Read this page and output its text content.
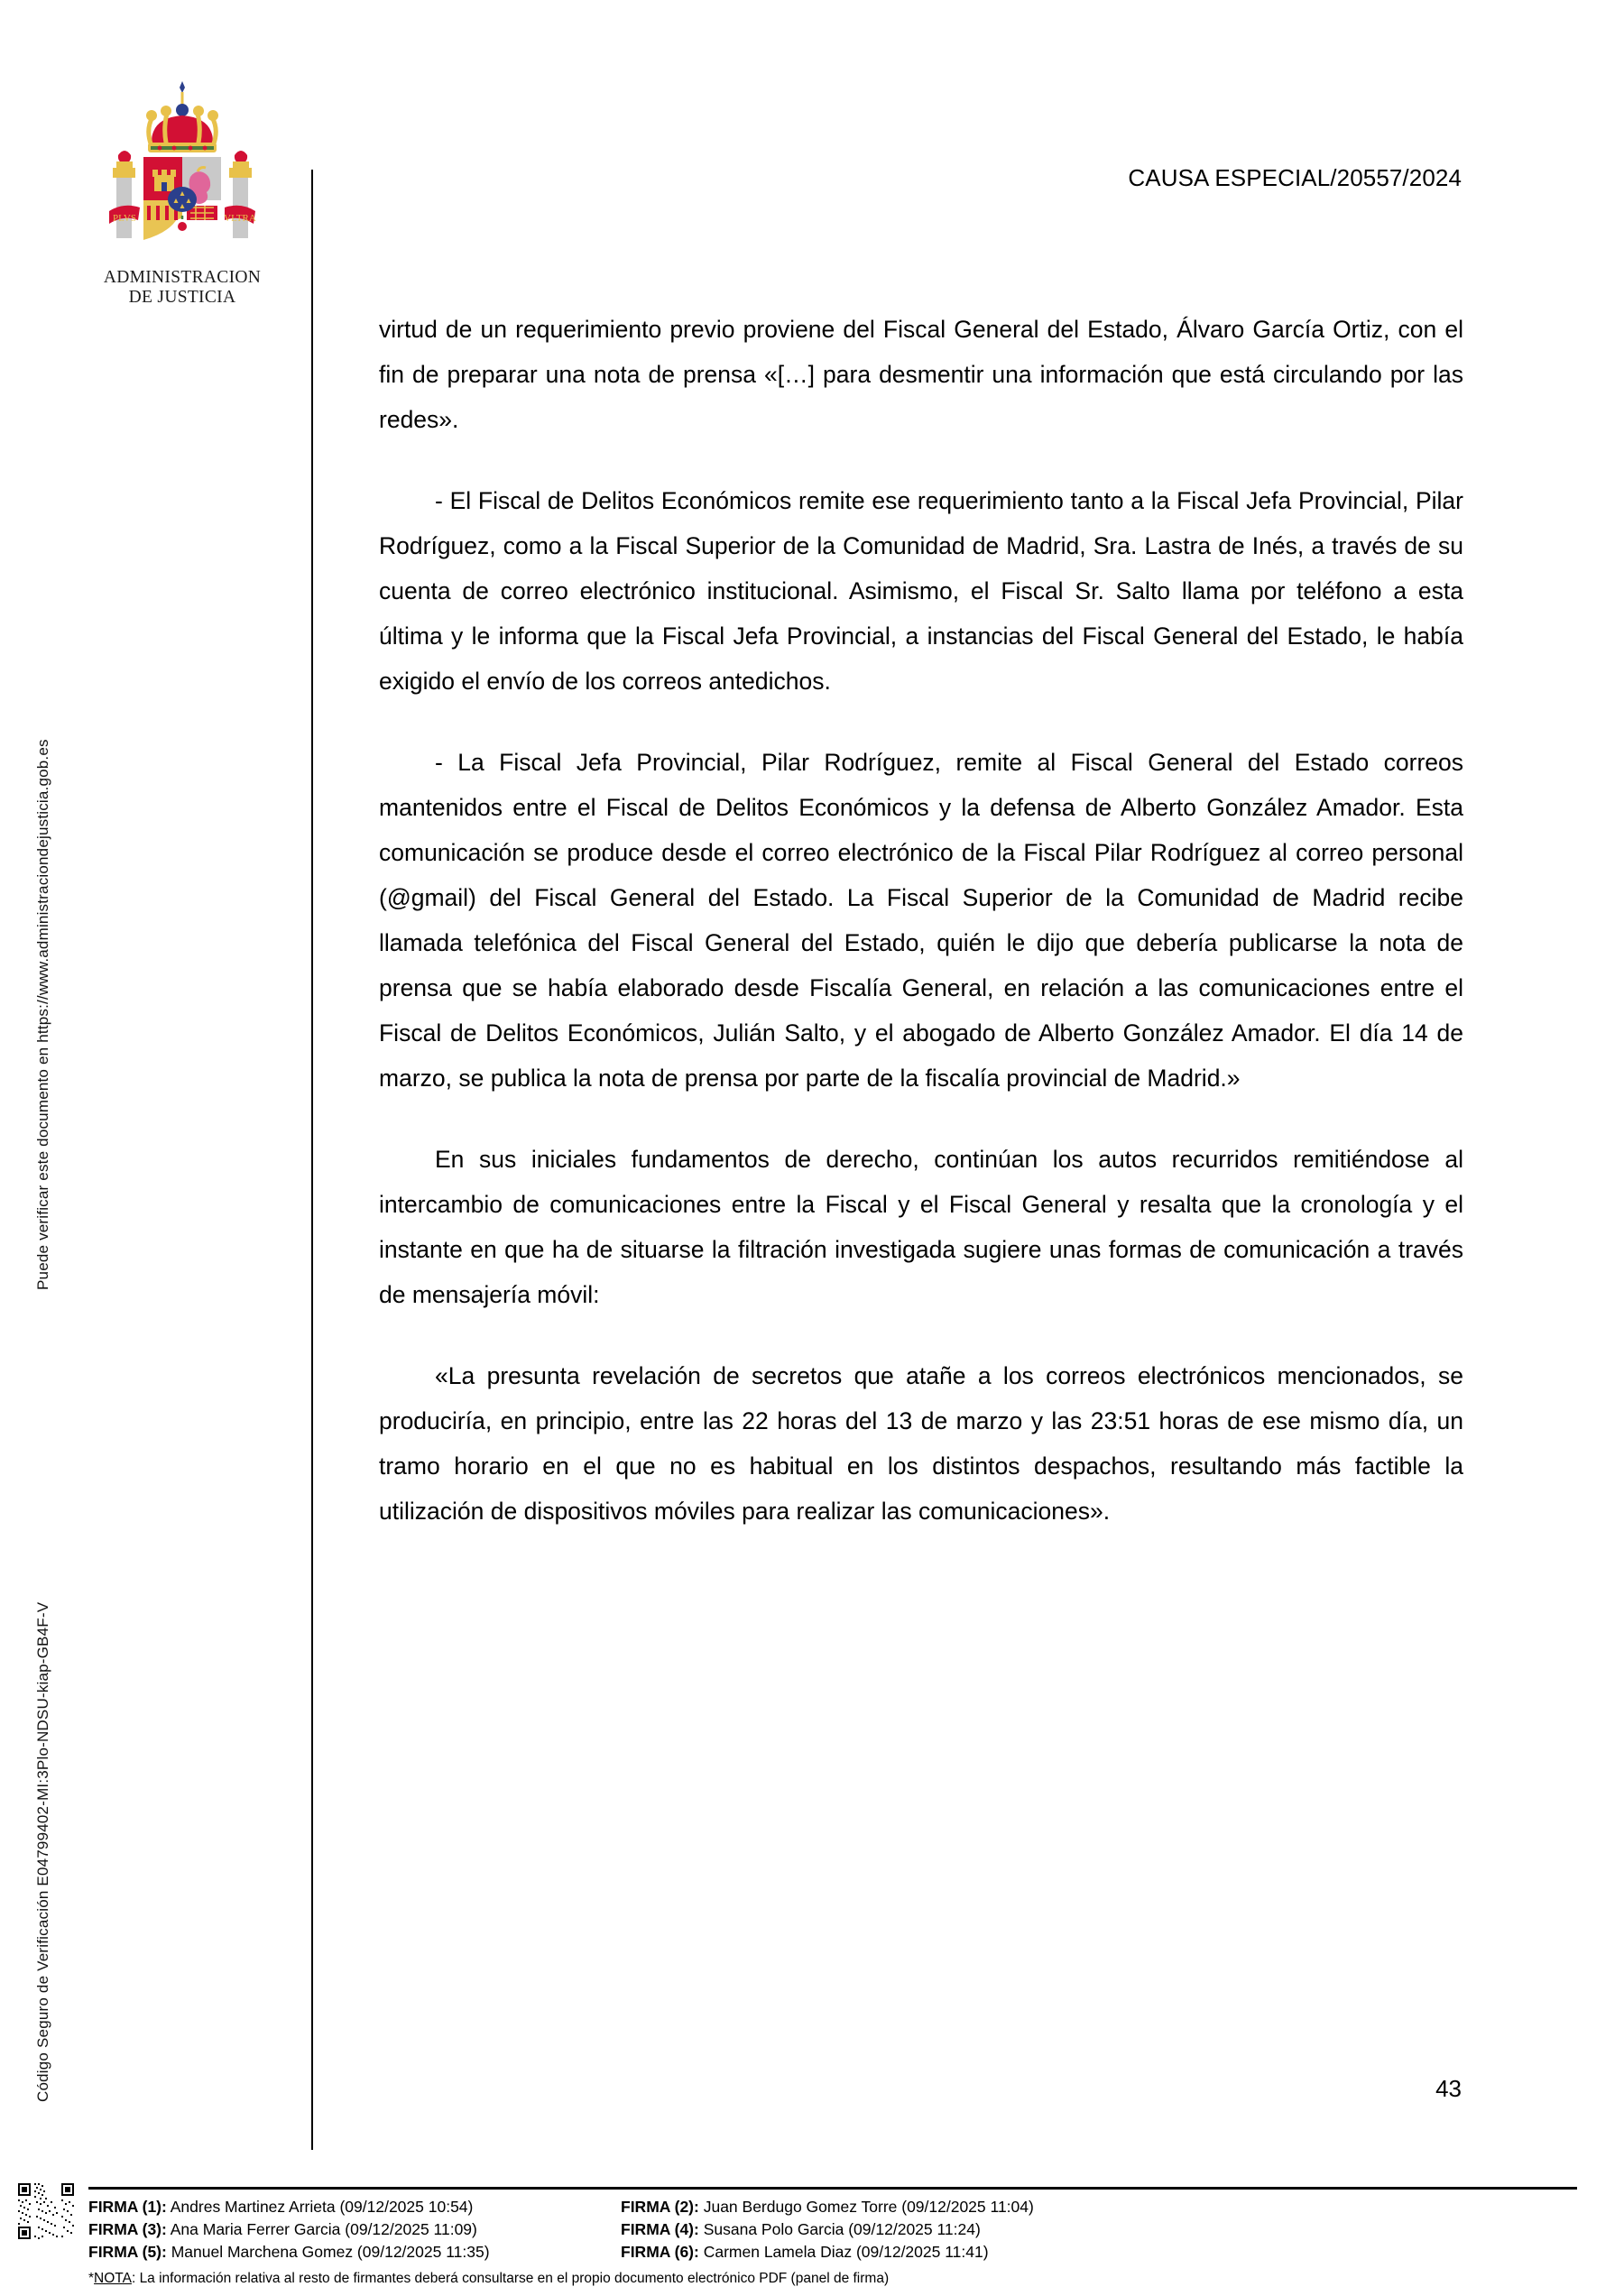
Código Seguro de Verificación E04799402-MI:3Plo-NDSU-kiap-GB4F-V
Puede verificar este documento en https://www.administraciondejusticia.gob.es
PLVS	VLTRA
ADMINISTRACION
DE JUSTICIA
CAUSA ESPECIAL/20557/2024

virtud de un requerimiento previo proviene del Fiscal General del Estado, Álvaro García Ortiz, con el fin de preparar una nota de prensa «[…] para desmentir una información que está circulando por las redes».

- El Fiscal de Delitos Económicos remite ese requerimiento tanto a la Fiscal Jefa Provincial, Pilar Rodríguez, como a la Fiscal Superior de la Comunidad de Madrid, Sra. Lastra de Inés, a través de su cuenta de correo electrónico institucional. Asimismo, el Fiscal Sr. Salto llama por teléfono a esta última y le informa que la Fiscal Jefa Provincial, a instancias del Fiscal General del Estado, le había exigido el envío de los correos antedichos.

- La Fiscal Jefa Provincial, Pilar Rodríguez, remite al Fiscal General del Estado correos mantenidos entre el Fiscal de Delitos Económicos y la defensa de Alberto González Amador. Esta comunicación se produce desde el correo electrónico de la Fiscal Pilar Rodríguez al correo personal (@gmail) del Fiscal General del Estado. La Fiscal Superior de la Comunidad de Madrid recibe llamada telefónica del Fiscal General del Estado, quién le dijo que debería publicarse la nota de prensa que se había elaborado desde Fiscalía General, en relación a las comunicaciones entre el Fiscal de Delitos Económicos, Julián Salto, y el abogado de Alberto González Amador. El día 14 de marzo, se publica la nota de prensa por parte de la fiscalía provincial de Madrid.»

En sus iniciales fundamentos de derecho, continúan los autos recurridos remitiéndose al intercambio de comunicaciones entre la Fiscal y el Fiscal General y resalta que la cronología y el instante en que ha de situarse la filtración investigada sugiere unas formas de comunicación a través de mensajería móvil:

«La presunta revelación de secretos que atañe a los correos electrónicos mencionados, se produciría, en principio, entre las 22 horas del 13 de marzo y las 23:51 horas de ese mismo día, un tramo horario en el que no es habitual en los distintos despachos, resultando más factible la utilización de dispositivos móviles para realizar las comunicaciones».

43
FIRMA (1): Andres Martinez Arrieta (09/12/2025 10:54)	FIRMA (2): Juan Berdugo Gomez Torre (09/12/2025 11:04)
FIRMA (3): Ana Maria Ferrer Garcia (09/12/2025 11:09)	FIRMA (4): Susana Polo Garcia (09/12/2025 11:24)
FIRMA (5): Manuel Marchena Gomez (09/12/2025 11:35)	FIRMA (6): Carmen Lamela Diaz (09/12/2025 11:41)
*NOTA: La información relativa al resto de firmantes deberá consultarse en el propio documento electrónico PDF (panel de firma)
